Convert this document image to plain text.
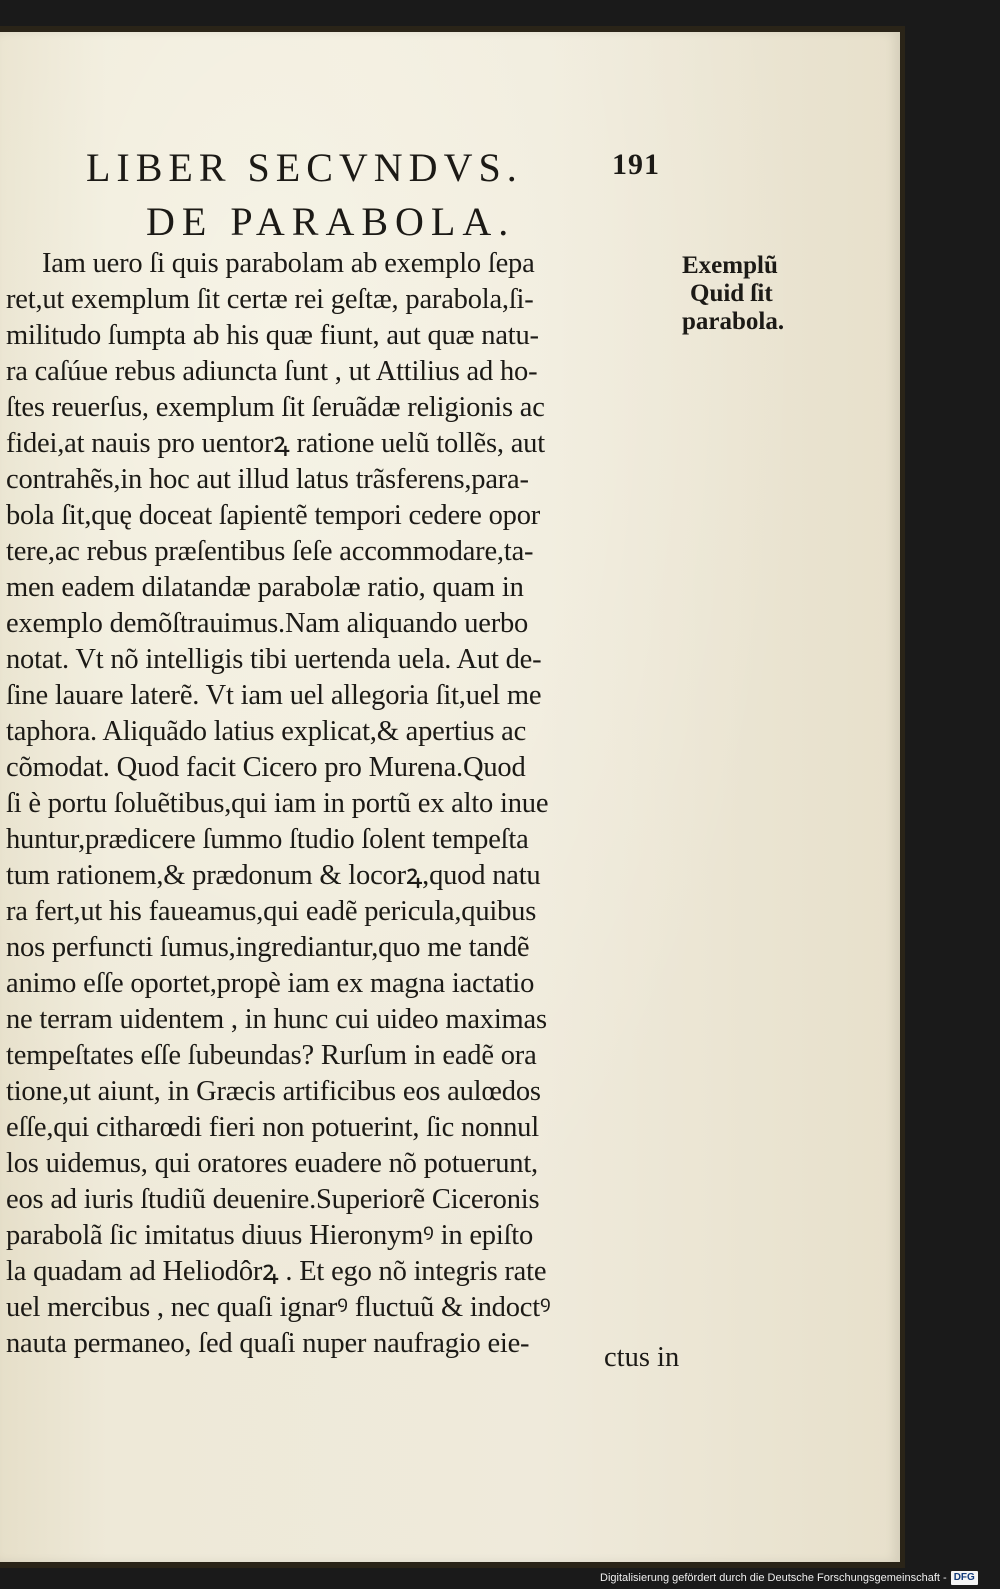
LIBER SECVNDVS.	191
DE PARABOLA.
Iam uero ſi quis parabolam ab exemplo ſepa
ret,ut exemplum ſit certæ rei geſtæ, parabola,ſi-
militudo ſumpta ab his quæ fiunt, aut quæ natu-
ra caſúue rebus adiuncta ſunt , ut Attilius ad ho-
ſtes reuerſus, exemplum ſit ſeruãdæ religionis ac
fidei,at nauis pro uentorꝝ ratione uelũ tollẽs, aut
contrahẽs,in hoc aut illud latus trãsferens,para-
bola ſit,quę doceat ſapientẽ tempori cedere opor
tere,ac rebus præſentibus ſeſe accommodare,ta-
men eadem dilatandæ parabolæ ratio, quam in
exemplo demõſtrauimus.Nam aliquando uerbo
notat. Vt nõ intelligis tibi uertenda uela. Aut de-
ſine lauare laterẽ. Vt iam uel allegoria ſit,uel me
taphora. Aliquãdo latius explicat,& apertius ac
cõmodat. Quod facit Cicero pro Murena.Quod
ſi è portu ſoluẽtibus,qui iam in portũ ex alto inue
huntur,prædicere ſummo ſtudio ſolent tempeſta
tum rationem,& prædonum & locorꝝ,quod natu
ra fert,ut his faueamus,qui eadẽ pericula,quibus
nos perfuncti ſumus,ingrediantur,quo me tandẽ
animo eſſe oportet,propè iam ex magna iactatio
ne terram uidentem , in hunc cui uideo maximas
tempeſtates eſſe ſubeundas? Rurſum in eadẽ ora
tione,ut aiunt, in Græcis artificibus eos aulœdos
eſſe,qui citharœdi fieri non potuerint, ſic nonnul
los uidemus, qui oratores euadere nõ potuerunt,
eos ad iuris ſtudiũ deuenire.Superiorẽ Ciceronis
parabolã ſic imitatus diuus Hieronymꝰ in epiſto
la quadam ad Heliodôrꝝ . Et ego nõ integris rate
uel mercibus , nec quaſi ignarꝰ fluctuũ & indoctꝰ
nauta permaneo, ſed quaſi nuper naufragio eie-	ctus in
Exemplũ
Quid ſit
parabola.
Digitalisierung gefördert durch die Deutsche Forschungsgemeinschaft - DFG
